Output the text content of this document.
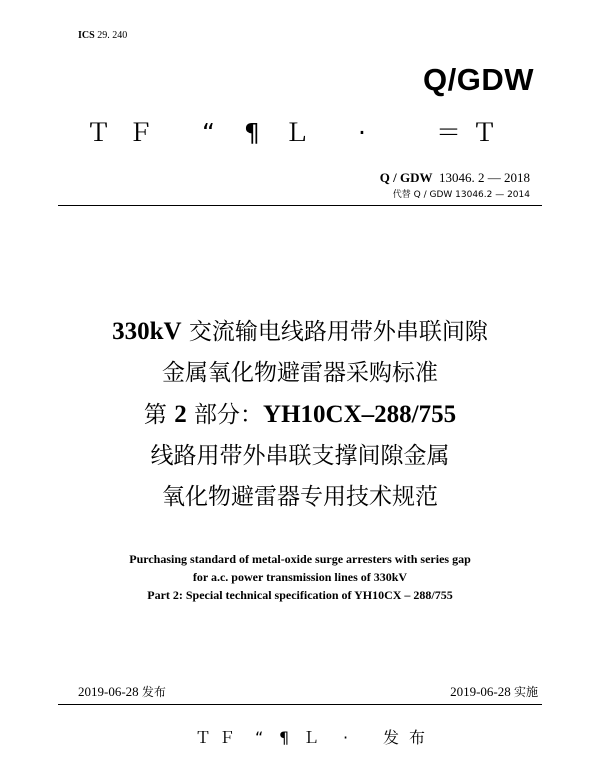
ICS 29. 240
Q/GDW
Ｔ Ｆ “ ¶ Ｌ ·	＝ Ｔ
Q / GDW 13046. 2 — 2018
代替 Q / GDW 13046.2 — 2014
330kV 交流输电线路用带外串联间隙
金属氧化物避雷器采购标准
第 2 部分：YH10CX–288/755
线路用带外串联支撑间隙金属
氧化物避雷器专用技术规范
Purchasing standard of metal-oxide surge arresters with series gap
for a.c. power transmission lines of 330kV
Part 2: Special technical specification of YH10CX – 288/755
2019-06-28 发布	2019-06-28 实施
Ｔ Ｆ “ ¶ Ｌ · 发 布
